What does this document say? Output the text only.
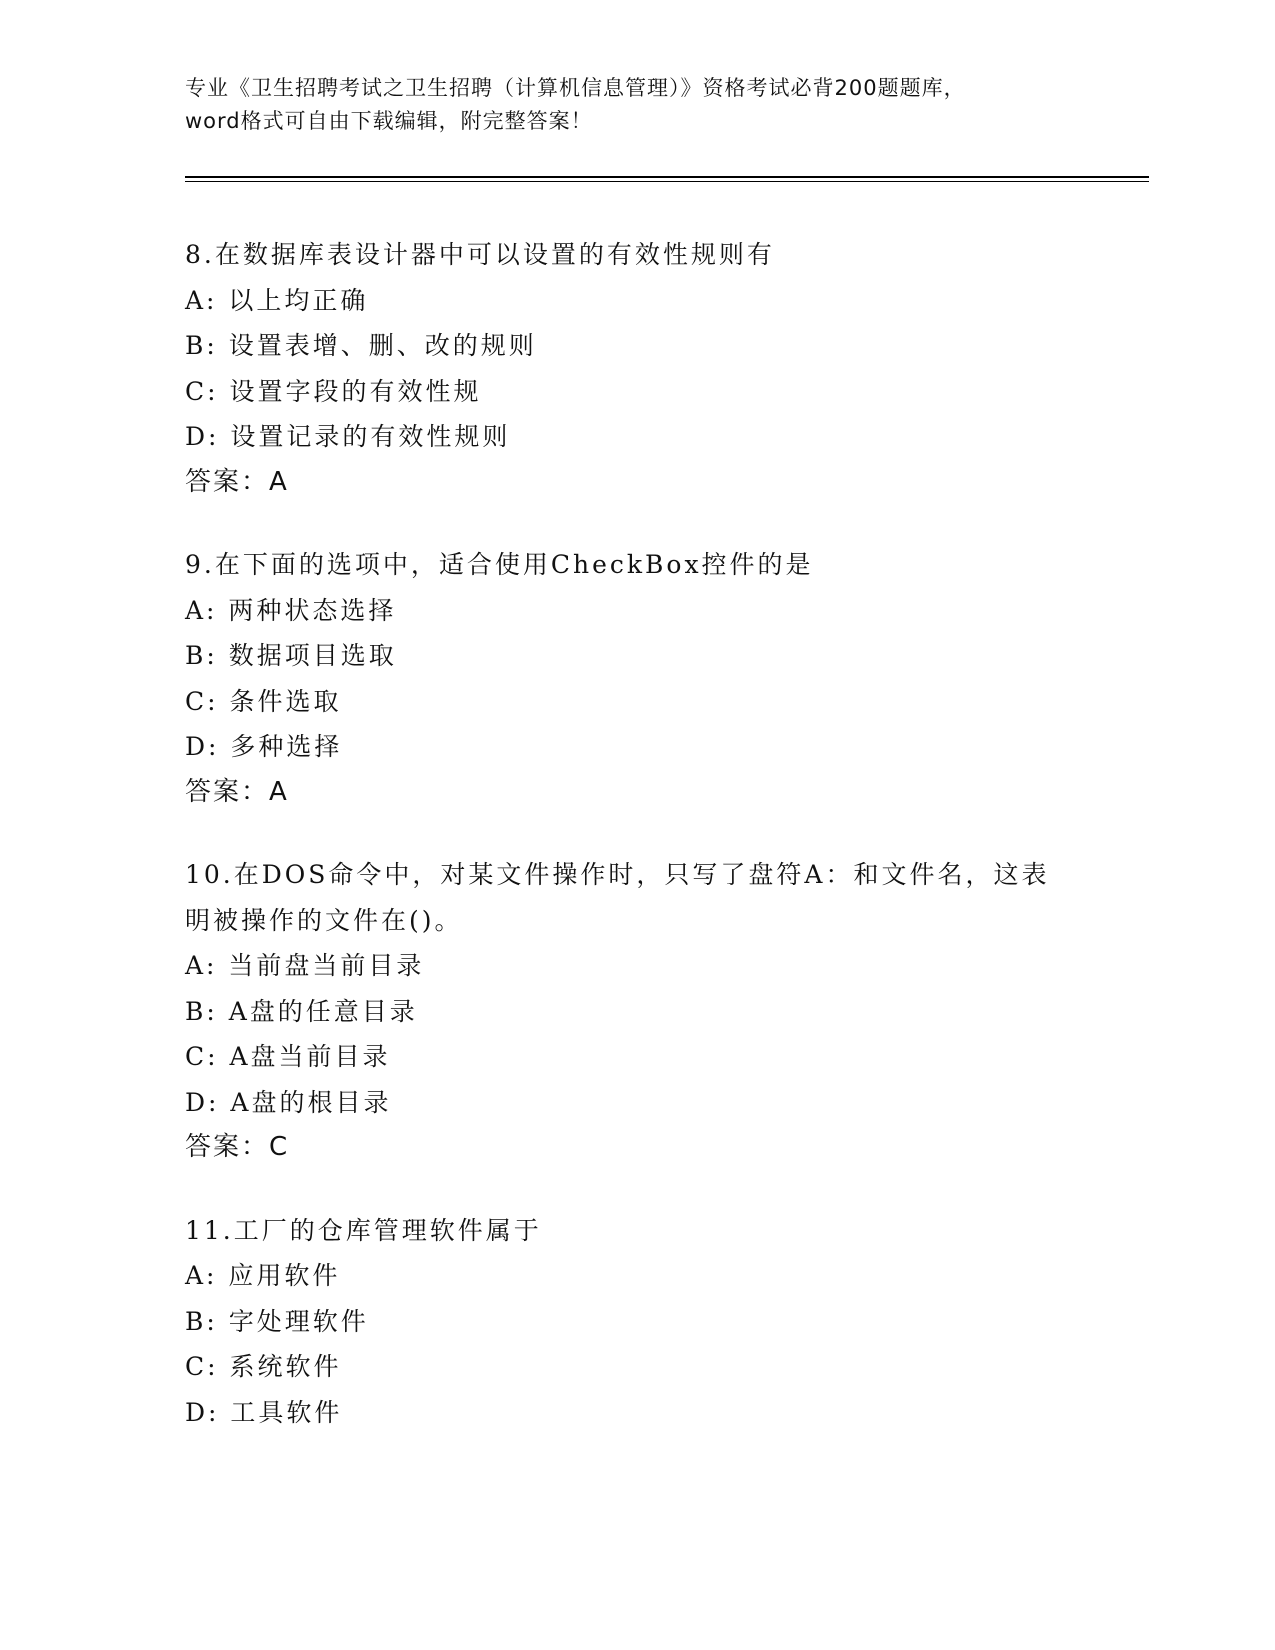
专业《卫生招聘考试之卫生招聘（计算机信息管理）》资格考试必背200题题库，
word格式可自由下载编辑，附完整答案！
8.在数据库表设计器中可以设置的有效性规则有
A: 以上均正确
B: 设置表增、删、改的规则
C: 设置字段的有效性规
D: 设置记录的有效性规则
答案：A
9.在下面的选项中，适合使用CheckBox控件的是
A: 两种状态选择
B: 数据项目选取
C: 条件选取
D: 多种选择
答案：A
10.在DOS命令中，对某文件操作时，只写了盘符A：和文件名，这表
明被操作的文件在()。
A: 当前盘当前目录
B: A盘的任意目录
C: A盘当前目录
D: A盘的根目录
答案：C
11.工厂的仓库管理软件属于
A: 应用软件
B: 字处理软件
C: 系统软件
D: 工具软件
